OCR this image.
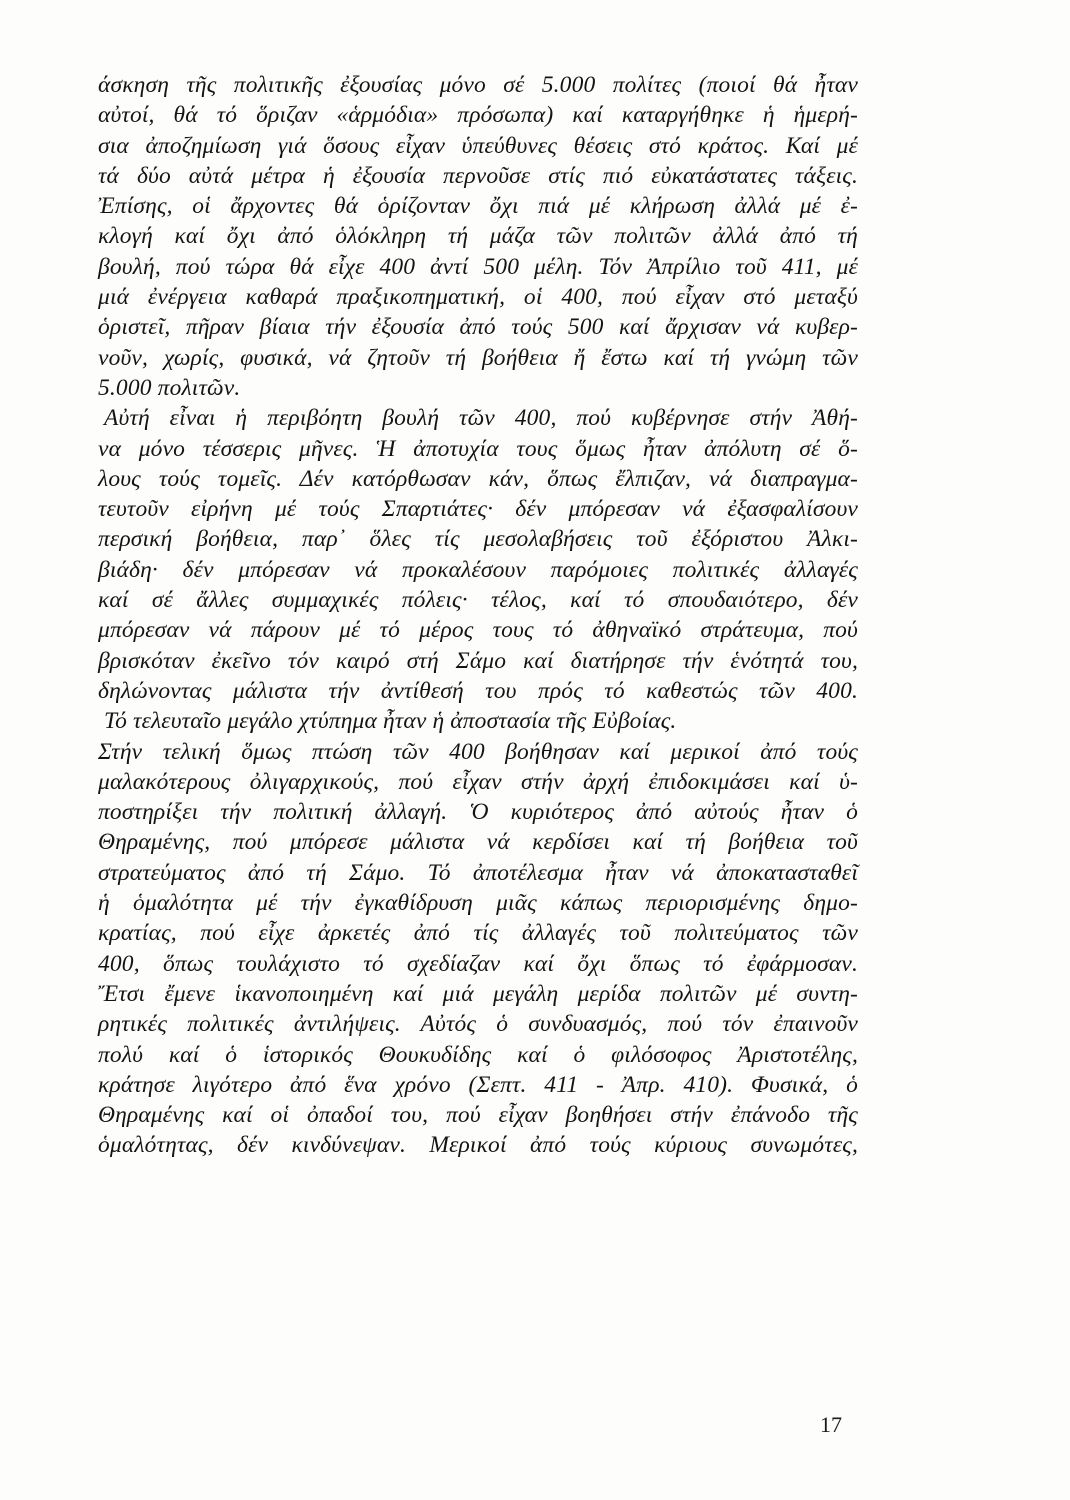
άσκηση τῆς πολιτικῆς ἐξουσίας μόνο σέ 5.000 πολίτες (ποιοί θά ἦταν
αὐτοί, θά τό ὅριζαν «ἁρμόδια» πρόσωπα) καί καταργήθηκε ἡ ἡμερή-
σια ἀποζημίωση γιά ὅσους εἶχαν ὑπεύθυνες θέσεις στό κράτος. Καί μέ
τά δύο αὐτά μέτρα ἡ ἐξουσία περνοῦσε στίς πιό εὐκατάστατες τάξεις.
Ἐπίσης, οἱ ἄρχοντες θά ὁρίζονταν ὄχι πιά μέ κλήρωση ἀλλά μέ ἐ-
κλογή καί ὄχι ἀπό ὁλόκληρη τή μάζα τῶν πολιτῶν ἀλλά ἀπό τή
βουλή, πού τώρα θά εἶχε 400 ἀντί 500 μέλη. Τόν Ἀπρίλιο τοῦ 411, μέ
μιά ἐνέργεια καθαρά πραξικοπηματική, οἱ 400, πού εἶχαν στό μεταξύ
ὁριστεῖ, πῆραν βίαια τήν ἐξουσία ἀπό τούς 500 καί ἄρχισαν νά κυβερ-
νοῦν, χωρίς, φυσικά, νά ζητοῦν τή βοήθεια ἤ ἔστω καί τή γνώμη τῶν
5.000 πολιτῶν.
Αὐτή εἶναι ἡ περιβόητη βουλή τῶν 400, πού κυβέρνησε στήν Ἀθή-
να μόνο τέσσερις μῆνες. Ἡ ἀποτυχία τους ὅμως ἦταν ἀπόλυτη σέ ὅ-
λους τούς τομεῖς. Δέν κατόρθωσαν κάν, ὅπως ἔλπιζαν, νά διαπραγμα-
τευτοῦν εἰρήνη μέ τούς Σπαρτιάτες· δέν μπόρεσαν νά ἐξασφαλίσουν
περσική βοήθεια, παρ᾿ ὅλες τίς μεσολαβήσεις τοῦ ἐξόριστου Ἀλκι-
βιάδη· δέν μπόρεσαν νά προκαλέσουν παρόμοιες πολιτικές ἀλλαγές
καί σέ ἄλλες συμμαχικές πόλεις· τέλος, καί τό σπουδαιότερο, δέν
μπόρεσαν νά πάρουν μέ τό μέρος τους τό ἀθηναϊκό στράτευμα, πού
βρισκόταν ἐκεῖνο τόν καιρό στή Σάμο καί διατήρησε τήν ἑνότητά του,
δηλώνοντας μάλιστα τήν ἀντίθεσή του πρός τό καθεστώς τῶν 400.
Τό τελευταῖο μεγάλο χτύπημα ἦταν ἡ ἀποστασία τῆς Εὐβοίας.
Στήν τελική ὅμως πτώση τῶν 400 βοήθησαν καί μερικοί ἀπό τούς
μαλακότερους ὀλιγαρχικούς, πού εἶχαν στήν ἀρχή ἐπιδοκιμάσει καί ὑ-
ποστηρίξει τήν πολιτική ἀλλαγή. Ὁ κυριότερος ἀπό αὐτούς ἦταν ὁ
Θηραμένης, πού μπόρεσε μάλιστα νά κερδίσει καί τή βοήθεια τοῦ
στρατεύματος ἀπό τή Σάμο. Τό ἀποτέλεσμα ἦταν νά ἀποκατασταθεῖ
ἡ ὁμαλότητα μέ τήν ἐγκαθίδρυση μιᾶς κάπως περιορισμένης δημο-
κρατίας, πού εἶχε ἀρκετές ἀπό τίς ἀλλαγές τοῦ πολιτεύματος τῶν
400, ὅπως τουλάχιστο τό σχεδίαζαν καί ὄχι ὅπως τό ἐφάρμοσαν.
Ἔτσι ἔμενε ἱκανοποιημένη καί μιά μεγάλη μερίδα πολιτῶν μέ συντη-
ρητικές πολιτικές ἀντιλήψεις. Αὐτός ὁ συνδυασμός, πού τόν ἐπαινοῦν
πολύ καί ὁ ἱστορικός Θουκυδίδης καί ὁ φιλόσοφος Ἀριστοτέλης,
κράτησε λιγότερο ἀπό ἕνα χρόνο (Σεπτ. 411 - Ἀπρ. 410). Φυσικά, ὁ
Θηραμένης καί οἱ ὀπαδοί του, πού εἶχαν βοηθήσει στήν ἐπάνοδο τῆς
ὁμαλότητας, δέν κινδύνεψαν. Μερικοί ἀπό τούς κύριους συνωμότες,
17
